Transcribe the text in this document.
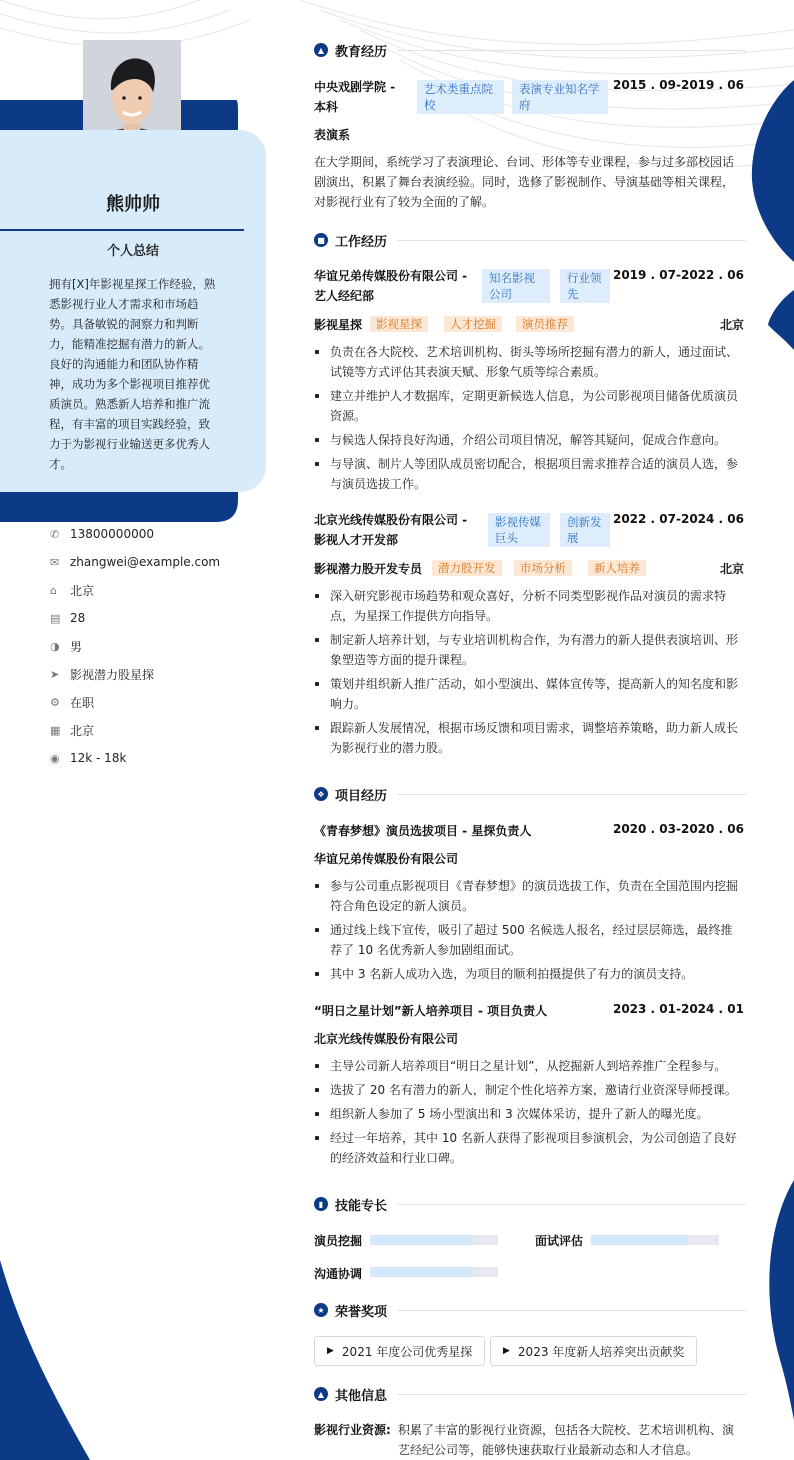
熊帅帅
个人总结
拥有[X]年影视星探工作经验，熟悉影视行业人才需求和市场趋势。具备敏锐的洞察力和判断力，能精准挖掘有潜力的新人。良好的沟通能力和团队协作精神，成功为多个影视项目推荐优质演员。熟悉新人培养和推广流程，有丰富的项目实践经验，致力于为影视行业输送更多优秀人才。
✆ 13800000000
✉ zhangwei@example.com
⌂	北京
▤ 28
◑ 男
➤ 影视潜力股星探
⚙ 在职
▦ 北京
◉ 12k - 18k
▲ 教育经历
中央戏剧学院 - 本科
艺术类重点院校
表演专业知名学府
2015 . 09-2019 . 06
表演系
在大学期间，系统学习了表演理论、台词、形体等专业课程，参与过多部校园话剧演出，积累了舞台表演经验。同时，选修了影视制作、导演基础等相关课程，对影视行业有了较为全面的了解。
■ 工作经历
华谊兄弟传媒股份有限公司 - 艺人经纪部
知名影视公司
行业领先
2019 . 07-2022 . 06
影视星探	影视星探	人才挖掘	演员推荐	北京
负责在各大院校、艺术培训机构、街头等场所挖掘有潜力的新人，通过面试、试镜等方式评估其表演天赋、形象气质等综合素质。
建立并维护人才数据库，定期更新候选人信息，为公司影视项目储备优质演员资源。
与候选人保持良好沟通，介绍公司项目情况，解答其疑问，促成合作意向。
与导演、制片人等团队成员密切配合，根据项目需求推荐合适的演员人选，参与演员选拔工作。
北京光线传媒股份有限公司 - 影视人才开发部
影视传媒巨头
创新发展
2022 . 07-2024 . 06
影视潜力股开发专员	潜力股开发	市场分析	新人培养	北京
深入研究影视市场趋势和观众喜好，分析不同类型影视作品对演员的需求特点，为星探工作提供方向指导。
制定新人培养计划，与专业培训机构合作，为有潜力的新人提供表演培训、形象塑造等方面的提升课程。
策划并组织新人推广活动，如小型演出、媒体宣传等，提高新人的知名度和影响力。
跟踪新人发展情况，根据市场反馈和项目需求，调整培养策略，助力新人成长为影视行业的潜力股。
❖ 项目经历
《青春梦想》演员选拔项目 - 星探负责人	2020 . 03-2020 . 06
华谊兄弟传媒股份有限公司
参与公司重点影视项目《青春梦想》的演员选拔工作，负责在全国范围内挖掘符合角色设定的新人演员。
通过线上线下宣传，吸引了超过 500 名候选人报名，经过层层筛选，最终推荐了 10 名优秀新人参加剧组面试。
其中 3 名新人成功入选，为项目的顺利拍摄提供了有力的演员支持。
“明日之星计划”新人培养项目 - 项目负责人	2023 . 01-2024 . 01
北京光线传媒股份有限公司
主导公司新人培养项目“明日之星计划”，从挖掘新人到培养推广全程参与。
选拔了 20 名有潜力的新人，制定个性化培养方案，邀请行业资深导师授课。
组织新人参加了 5 场小型演出和 3 次媒体采访，提升了新人的曝光度。
经过一年培养，其中 10 名新人获得了影视项目参演机会，为公司创造了良好的经济效益和行业口碑。
▮ 技能专长
演员挖掘	面试评估
沟通协调
★ 荣誉奖项
▶ 2021 年度公司优秀星探	▶ 2023 年度新人培养突出贡献奖
▲ 其他信息
影视行业资源: 积累了丰富的影视行业资源，包括各大院校、艺术培训机构、演艺经纪公司等，能够快速获取行业最新动态和人才信息。
